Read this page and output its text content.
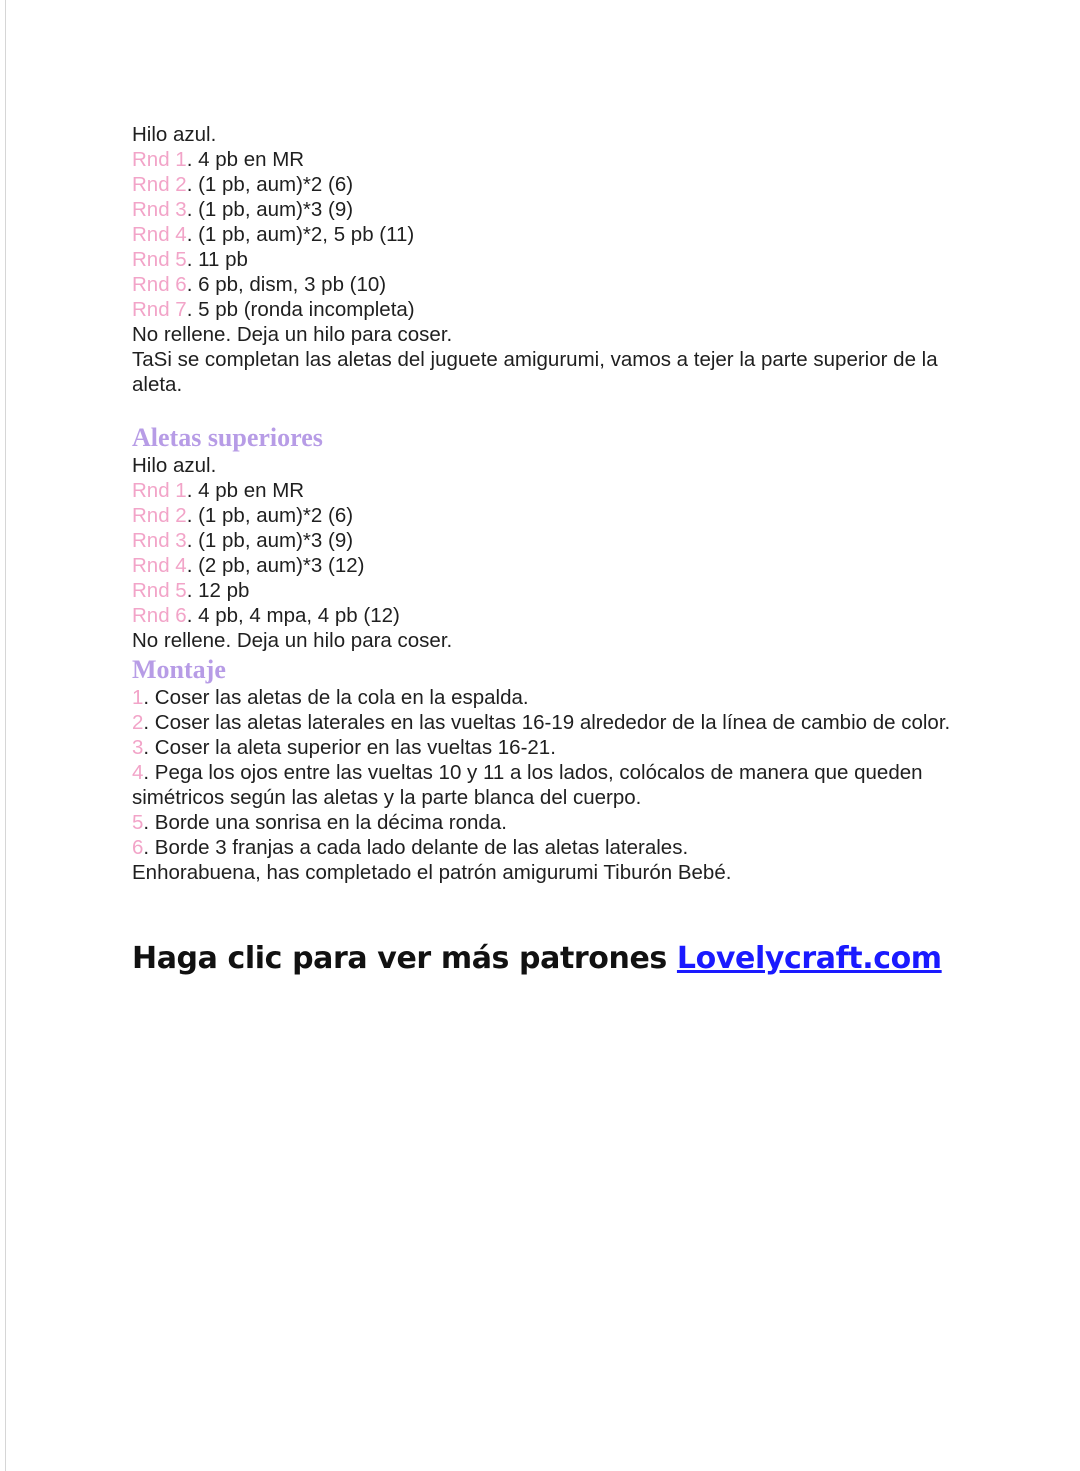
Hilo azul.
Rnd 1. 4 pb en MR
Rnd 2. (1 pb, aum)*2 (6)
Rnd 3. (1 pb, aum)*3 (9)
Rnd 4. (1 pb, aum)*2, 5 pb (11)
Rnd 5. 11 pb
Rnd 6. 6 pb, dism, 3 pb (10)
Rnd 7. 5 pb (ronda incompleta)
No rellene. Deja un hilo para coser.
TaSi se completan las aletas del juguete amigurumi, vamos a tejer la parte superior de la aleta.
Aletas superiores
Hilo azul.
Rnd 1. 4 pb en MR
Rnd 2. (1 pb, aum)*2 (6)
Rnd 3. (1 pb, aum)*3 (9)
Rnd 4. (2 pb, aum)*3 (12)
Rnd 5. 12 pb
Rnd 6. 4 pb, 4 mpa, 4 pb (12)
No rellene. Deja un hilo para coser.
Montaje
1. Coser las aletas de la cola en la espalda.
2. Coser las aletas laterales en las vueltas 16-19 alrededor de la línea de cambio de color.
3. Coser la aleta superior en las vueltas 16-21.
4. Pega los ojos entre las vueltas 10 y 11 a los lados, colócalos de manera que queden simétricos según las aletas y la parte blanca del cuerpo.
5. Borde una sonrisa en la décima ronda.
6. Borde 3 franjas a cada lado delante de las aletas laterales.
Enhorabuena, has completado el patrón amigurumi Tiburón Bebé.
Haga clic para ver más patrones Lovelycraft.com
